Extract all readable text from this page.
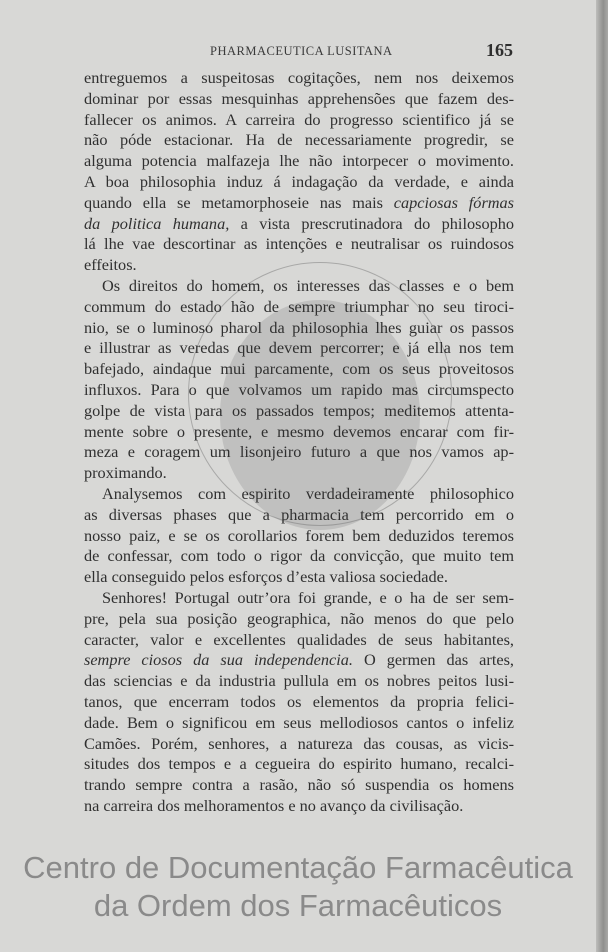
PHARMACEUTICA LUSITANA	165
entreguemos a suspeitosas cogitações, nem nos deixemos
dominar por essas mesquinhas apprehensões que fazem des-
fallecer os animos. A carreira do progresso scientifico já se
não póde estacionar. Ha de necessariamente progredir, se
alguma potencia malfazeja lhe não intorpecer o movimento.
A boa philosophia induz á indagação da verdade, e ainda
quando ella se metamorphoseie nas mais capciosas fórmas
da politica humana, a vista prescrutinadora do philosopho
lá lhe vae descortinar as intenções e neutralisar os ruindosos
effeitos.
Os direitos do homem, os interesses das classes e o bem
commum do estado hão de sempre triumphar no seu tiroci-
nio, se o luminoso pharol da philosophia lhes guiar os passos
e illustrar as veredas que devem percorrer; e já ella nos tem
bafejado, aindaque mui parcamente, com os seus proveitosos
influxos. Para o que volvamos um rapido mas circumspecto
golpe de vista para os passados tempos; meditemos attenta-
mente sobre o presente, e mesmo devemos encarar com fir-
meza e coragem um lisonjeiro futuro a que nos vamos ap-
proximando.
Analysemos com espirito verdadeiramente philosophico
as diversas phases que a pharmacia tem percorrido em o
nosso paiz, e se os corollarios forem bem deduzidos teremos
de confessar, com todo o rigor da convicção, que muito tem
ella conseguido pelos esforços d’esta valiosa sociedade.
Senhores! Portugal outr’ora foi grande, e o ha de ser sem-
pre, pela sua posição geographica, não menos do que pelo
caracter, valor e excellentes qualidades de seus habitantes,
sempre ciosos da sua independencia. O germen das artes,
das sciencias e da industria pullula em os nobres peitos lusi-
tanos, que encerram todos os elementos da propria felici-
dade. Bem o significou em seus mellodiosos cantos o infeliz
Camões. Porém, senhores, a natureza das cousas, as vicis-
situdes dos tempos e a cegueira do espirito humano, recalci-
trando sempre contra a rasão, não só suspendia os homens
na carreira dos melhoramentos e no avanço da civilisação.
Centro de Documentação Farmacêutica
da Ordem dos Farmacêuticos
